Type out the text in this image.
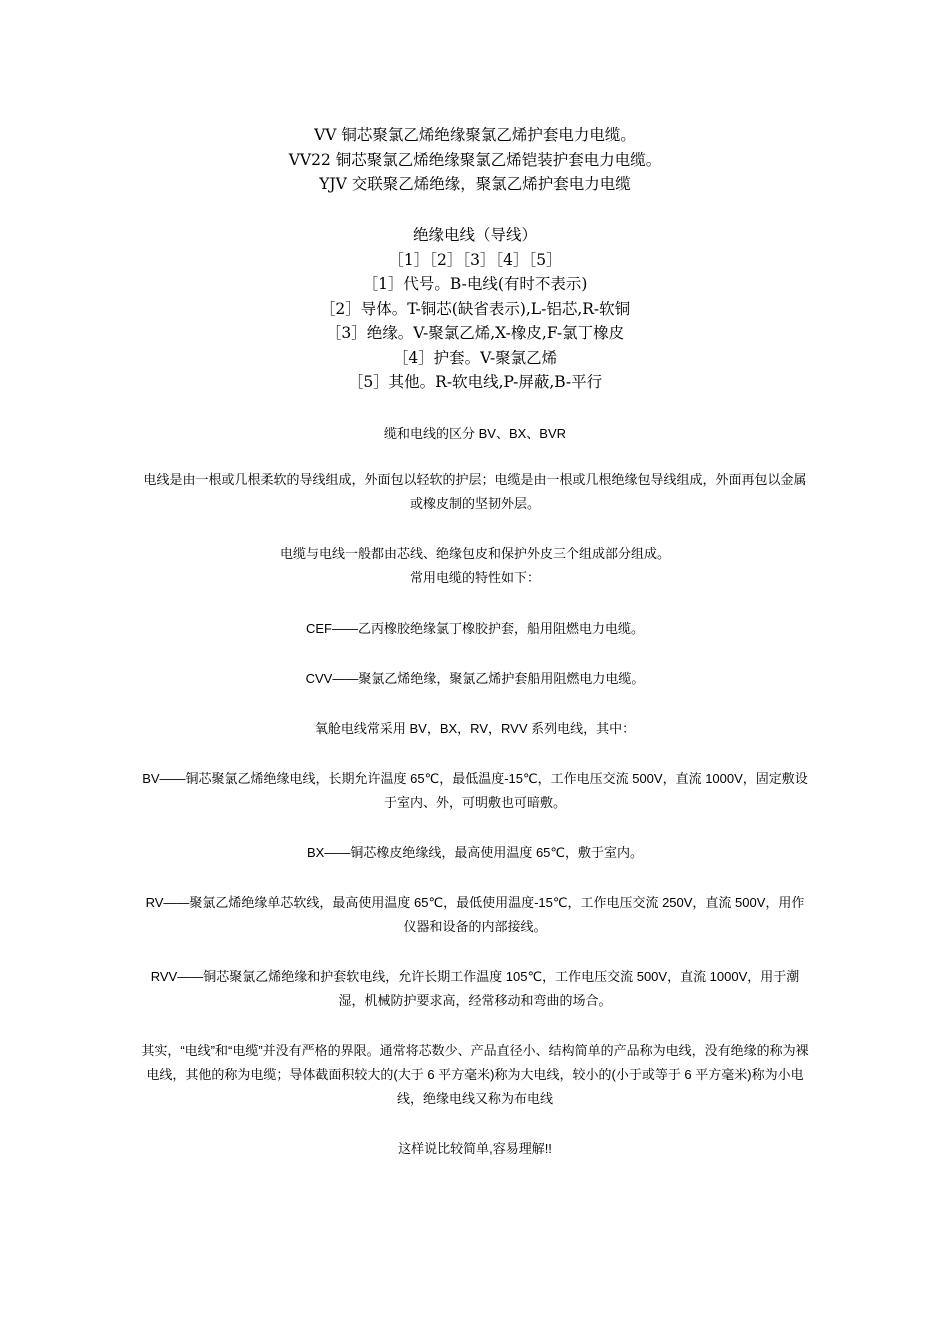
VV 铜芯聚氯乙烯绝缘聚氯乙烯护套电力电缆。
VV22 铜芯聚氯乙烯绝缘聚氯乙烯铠装护套电力电缆。
YJV 交联聚乙烯绝缘，聚氯乙烯护套电力电缆
绝缘电线（导线）
［1］［2］［3］［4］［5］
［1］代号。B-电线(有时不表示)
［2］导体。T-铜芯(缺省表示),L-铝芯,R-软铜
［3］绝缘。V-聚氯乙烯,X-橡皮,F-氯丁橡皮
［4］护套。V-聚氯乙烯
［5］其他。R-软电线,P-屏蔽,B-平行
缆和电线的区分 BV、BX、BVR
电线是由一根或几根柔软的导线组成，外面包以轻软的护层；电缆是由一根或几根绝缘包导线组成，外面再包以金属或橡皮制的坚韧外层。
电缆与电线一般都由芯线、绝缘包皮和保护外皮三个组成部分组成。
常用电缆的特性如下：
CEF——乙丙橡胶绝缘氯丁橡胶护套，船用阻燃电力电缆。
CVV——聚氯乙烯绝缘，聚氯乙烯护套船用阻燃电力电缆。
氧舱电线常采用 BV，BX，RV，RVV 系列电线，其中：
BV——铜芯聚氯乙烯绝缘电线，长期允许温度 65℃，最低温度-15℃，工作电压交流 500V，直流 1000V，固定敷设于室内、外，可明敷也可暗敷。
BX——铜芯橡皮绝缘线，最高使用温度 65℃，敷于室内。
RV——聚氯乙烯绝缘单芯软线，最高使用温度 65℃，最低使用温度-15℃，工作电压交流 250V，直流 500V，用作仪器和设备的内部接线。
RVV——铜芯聚氯乙烯绝缘和护套软电线，允许长期工作温度 105℃，工作电压交流 500V，直流 1000V，用于潮湿，机械防护要求高，经常移动和弯曲的场合。
其实，“电线”和“电缆”并没有严格的界限。通常将芯数少、产品直径小、结构简单的产品称为电线，没有绝缘的称为裸电线，其他的称为电缆；导体截面积较大的(大于 6 平方毫米)称为大电线，较小的(小于或等于 6 平方毫米)称为小电线，绝缘电线又称为布电线
这样说比较简单,容易理解!!
